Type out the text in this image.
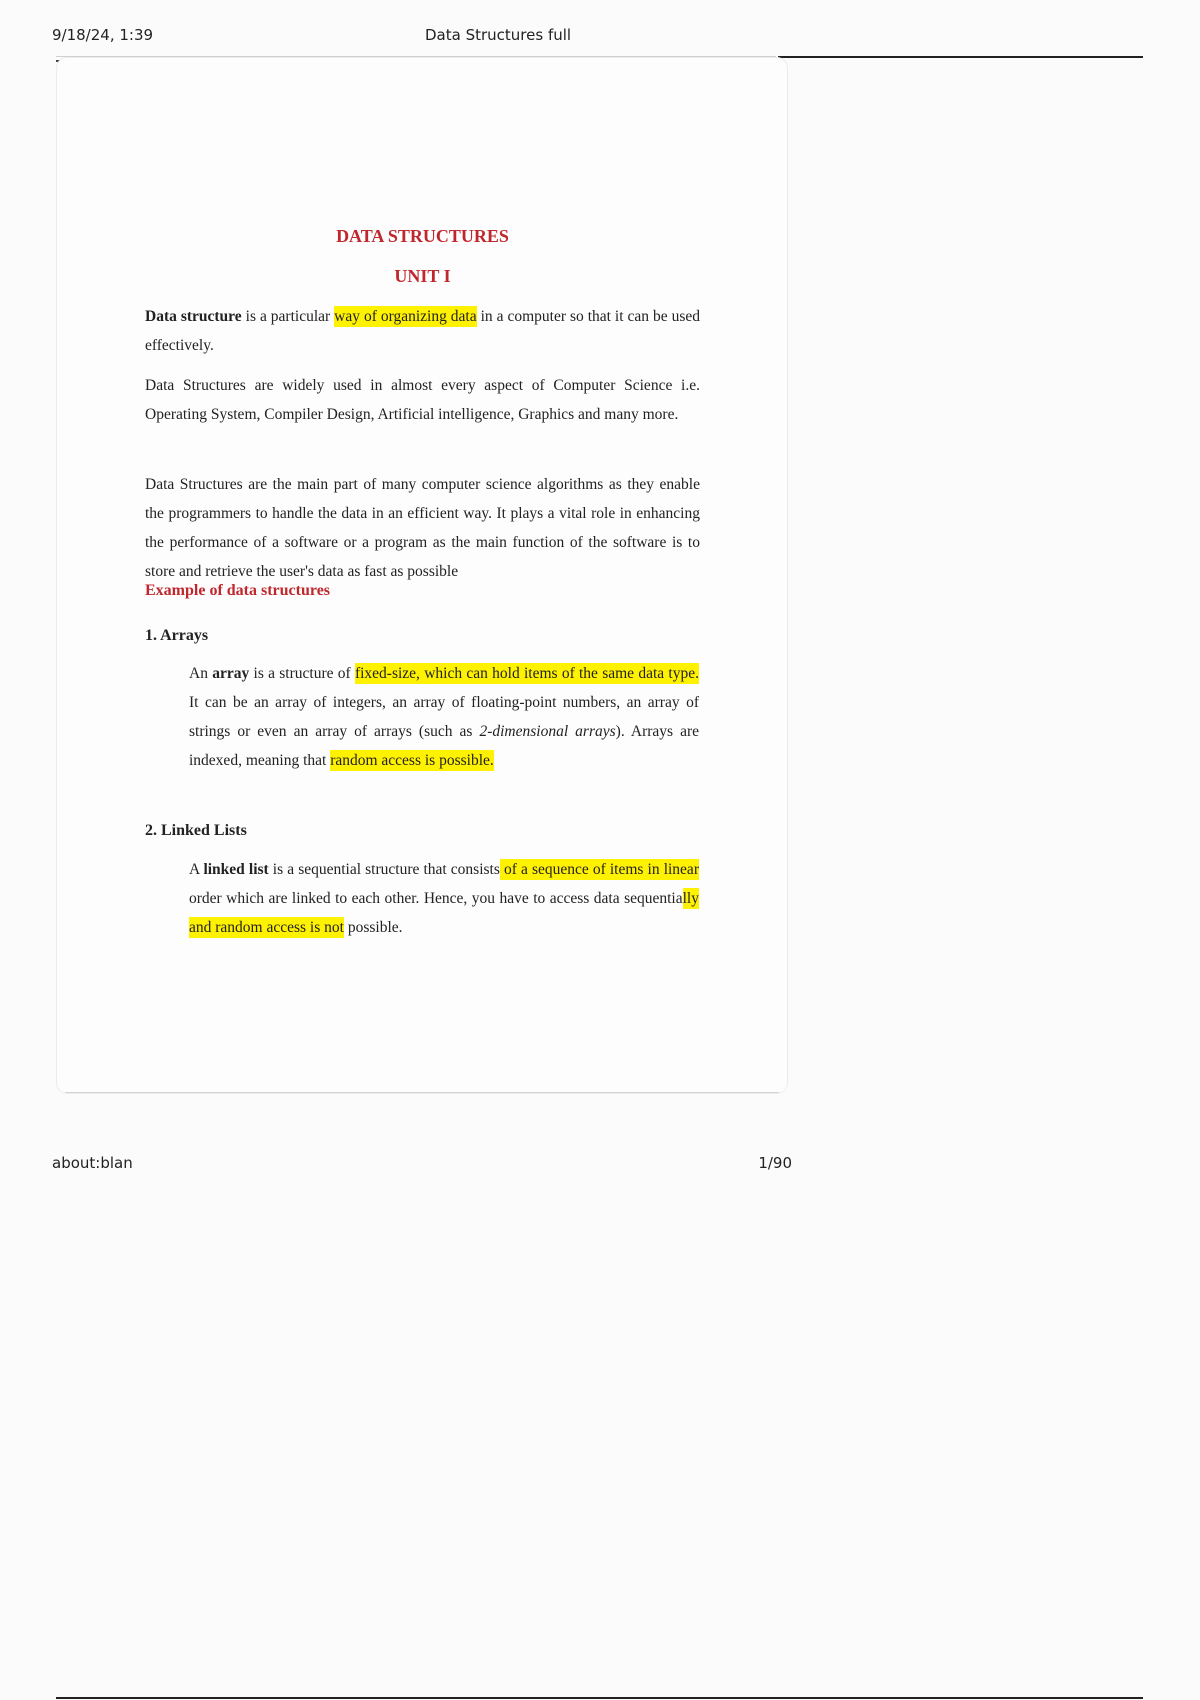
9/18/24, 1:39	Data Structures full
DATA STRUCTURES
UNIT I

Data structure is a particular way of organizing data in a computer so that it can be used effectively.

Data Structures are widely used in almost every aspect of Computer Science i.e. Operating System, Compiler Design, Artificial intelligence, Graphics and many more.

Data Structures are the main part of many computer science algorithms as they enable the programmers to handle the data in an efficient way. It plays a vital role in enhancing the performance of a software or a program as the main function of the software is to store and retrieve the user's data as fast as possible

Example of data structures
1. Arrays

An array is a structure of fixed-size, which can hold items of the same data type. It can be an array of integers, an array of floating-point numbers, an array of strings or even an array of arrays (such as 2-dimensional arrays). Arrays are indexed, meaning that random access is possible.

2. Linked Lists

A linked list is a sequential structure that consists of a sequence of items in linear order which are linked to each other. Hence, you have to access data sequentially and random access is not possible.

about:blan	1/90
